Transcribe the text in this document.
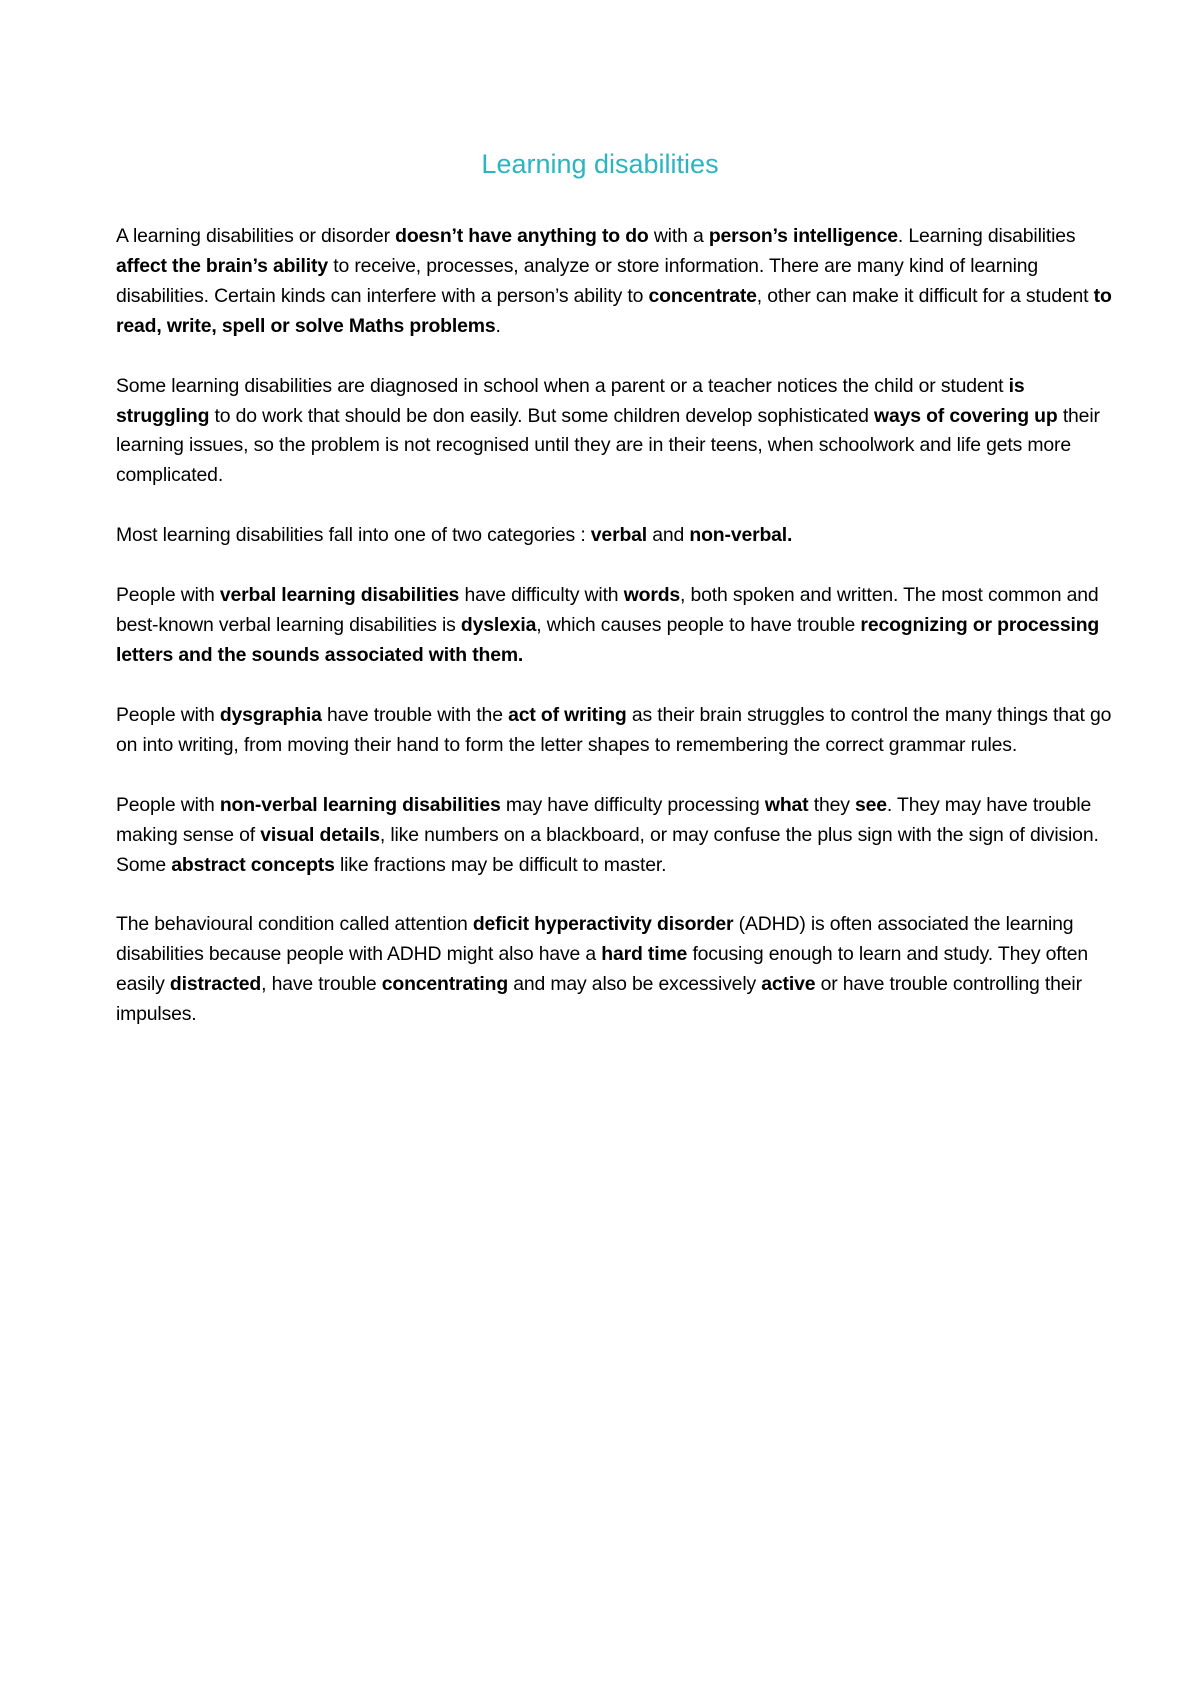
Learning disabilities

A learning disabilities or disorder doesn’t have anything to do with a person’s intelligence. Learning disabilities affect the brain’s ability to receive, processes, analyze or store information. There are many kind of learning disabilities. Certain kinds can interfere with a person’s ability to concentrate, other can make it difficult for a student to read, write, spell or solve Maths problems.

Some learning disabilities are diagnosed in school when a parent or a teacher notices the child or student is struggling to do work that should be don easily. But some children develop sophisticated ways of covering up their learning issues, so the problem is not recognised until they are in their teens, when schoolwork and life gets more complicated.

Most learning disabilities fall into one of two categories : verbal and non-verbal.

People with verbal learning disabilities have difficulty with words, both spoken and written. The most common and best-known verbal learning disabilities is dyslexia, which causes people to have trouble recognizing or processing letters and the sounds associated with them.

People with dysgraphia have trouble with the act of writing as their brain struggles to control the many things that go on into writing, from moving their hand to form the letter shapes to remembering the correct grammar rules.

People with non-verbal learning disabilities may have difficulty processing what they see. They may have trouble making sense of visual details, like numbers on a blackboard, or may confuse the plus sign with the sign of division. Some abstract concepts like fractions may be difficult to master.

The behavioural condition called attention deficit hyperactivity disorder (ADHD) is often associated the learning disabilities because people with ADHD might also have a hard time focusing enough to learn and study. They often easily distracted, have trouble concentrating and may also be excessively active or have trouble controlling their impulses.
